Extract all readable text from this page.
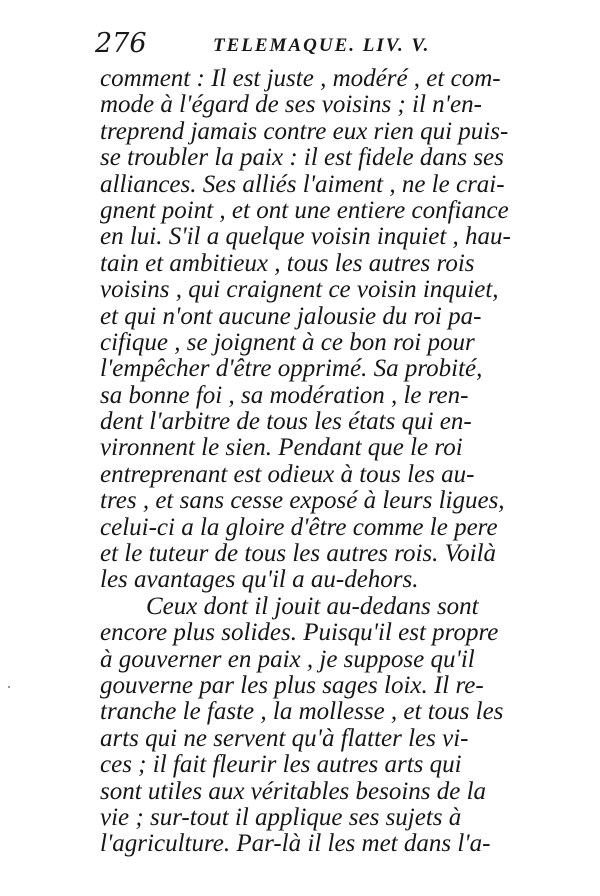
276	TELEMAQUE. LIV. V.
comment : Il est juste , modéré , et com-
mode à l'égard de ses voisins ; il n'en-
treprend jamais contre eux rien qui puis-
se troubler la paix : il est fidele dans ses
alliances. Ses alliés l'aiment , ne le crai-
gnent point , et ont une entiere confiance
en lui. S'il a quelque voisin inquiet , hau-
tain et ambitieux , tous les autres rois
voisins , qui craignent ce voisin inquiet,
et qui n'ont aucune jalousie du roi pa-
cifique , se joignent à ce bon roi pour
l'empêcher d'être opprimé. Sa probité,
sa bonne foi , sa modération , le ren-
dent l'arbitre de tous les états qui en-
vironnent le sien. Pendant que le roi
entreprenant est odieux à tous les au-
tres , et sans cesse exposé à leurs ligues,
celui-ci a la gloire d'être comme le pere
et le tuteur de tous les autres rois. Voilà
les avantages qu'il a au-dehors.
Ceux dont il jouit au-dedans sont
encore plus solides. Puisqu'il est propre
à gouverner en paix , je suppose qu'il
gouverne par les plus sages loix. Il re-
tranche le faste , la mollesse , et tous les
arts qui ne servent qu'à flatter les vi-
ces ; il fait fleurir les autres arts qui
sont utiles aux véritables besoins de la
vie ; sur-tout il applique ses sujets à
l'agriculture. Par-là il les met dans l'a-
